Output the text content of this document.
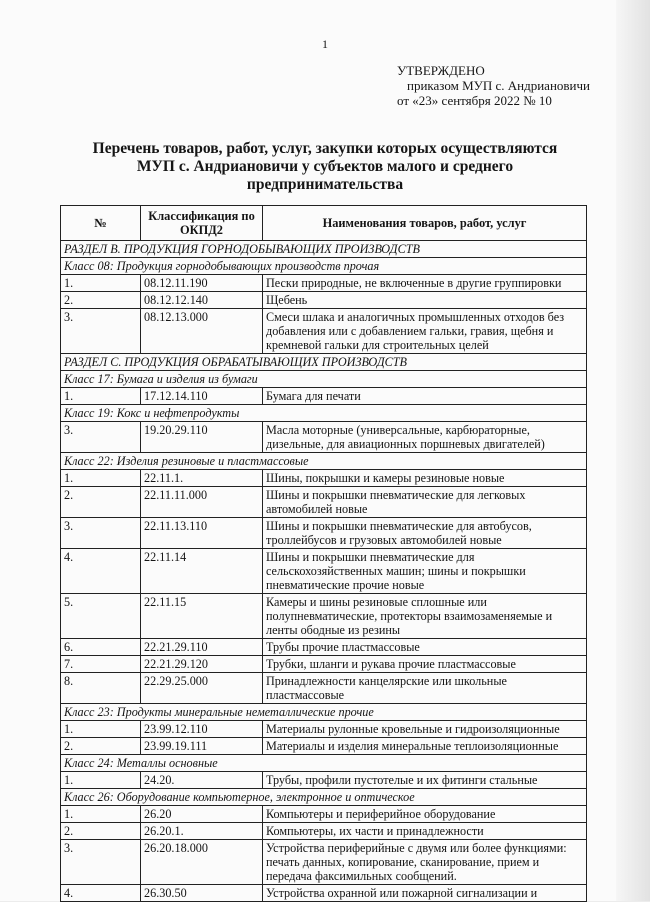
1
УТВЕРЖДЕНО
приказом МУП с. Андриановичи
от «23» сентября 2022 № 10
Перечень товаров, работ, услуг, закупки которых осуществляются
МУП с. Андриановичи у субъектов малого и среднего
предпринимательства
№	Классификация по ОКПД2	Наименования товаров, работ, услуг
РАЗДЕЛ B. ПРОДУКЦИЯ ГОРНОДОБЫВАЮЩИХ ПРОИЗВОДСТВ		
Класс 08: Продукция горнодобывающих производств прочая		
1.	08.12.11.190	Пески природные, не включенные в другие группировки
2.	08.12.12.140	Щебень
3.	08.12.13.000	Смеси шлака и аналогичных промышленных отходов без добавления или с добавлением гальки, гравия, щебня и кремневой гальки для строительных целей
РАЗДЕЛ C. ПРОДУКЦИЯ ОБРАБАТЫВАЮЩИХ ПРОИЗВОДСТВ		
Класс 17: Бумага и изделия из бумаги		
1.	17.12.14.110	Бумага для печати
Класс 19: Кокс и нефтепродукты		
3.	19.20.29.110	Масла моторные (универсальные, карбюраторные, дизельные, для авиационных поршневых двигателей)
Класс 22: Изделия резиновые и пластмассовые		
1.	22.11.1.	Шины, покрышки и камеры резиновые новые
2.	22.11.11.000	Шины и покрышки пневматические для легковых автомобилей новые
3.	22.11.13.110	Шины и покрышки пневматические для автобусов, троллейбусов и грузовых автомобилей новые
4.	22.11.14	Шины и покрышки пневматические для сельскохозяйственных машин; шины и покрышки пневматические прочие новые
5.	22.11.15	Камеры и шины резиновые сплошные или полупневматические, протекторы взаимозаменяемые и ленты ободные из резины
6.	22.21.29.110	Трубы прочие пластмассовые
7.	22.21.29.120	Трубки, шланги и рукава прочие пластмассовые
8.	22.29.25.000	Принадлежности канцелярские или школьные пластмассовые
Класс 23: Продукты минеральные неметаллические прочие		
1.	23.99.12.110	Материалы рулонные кровельные и гидроизоляционные
2.	23.99.19.111	Материалы и изделия минеральные теплоизоляционные
Класс 24: Металлы основные		
1.	24.20.	Трубы, профили пустотелые и их фитинги стальные
Класс 26: Оборудование компьютерное, электронное и оптическое		
1.	26.20	Компьютеры и периферийное оборудование
2.	26.20.1.	Компьютеры, их части и принадлежности
3.	26.20.18.000	Устройства периферийные с двумя или более функциями: печать данных, копирование, сканирование, прием и передача факсимильных сообщений.
4.	26.30.50	Устройства охранной или пожарной сигнализации и
